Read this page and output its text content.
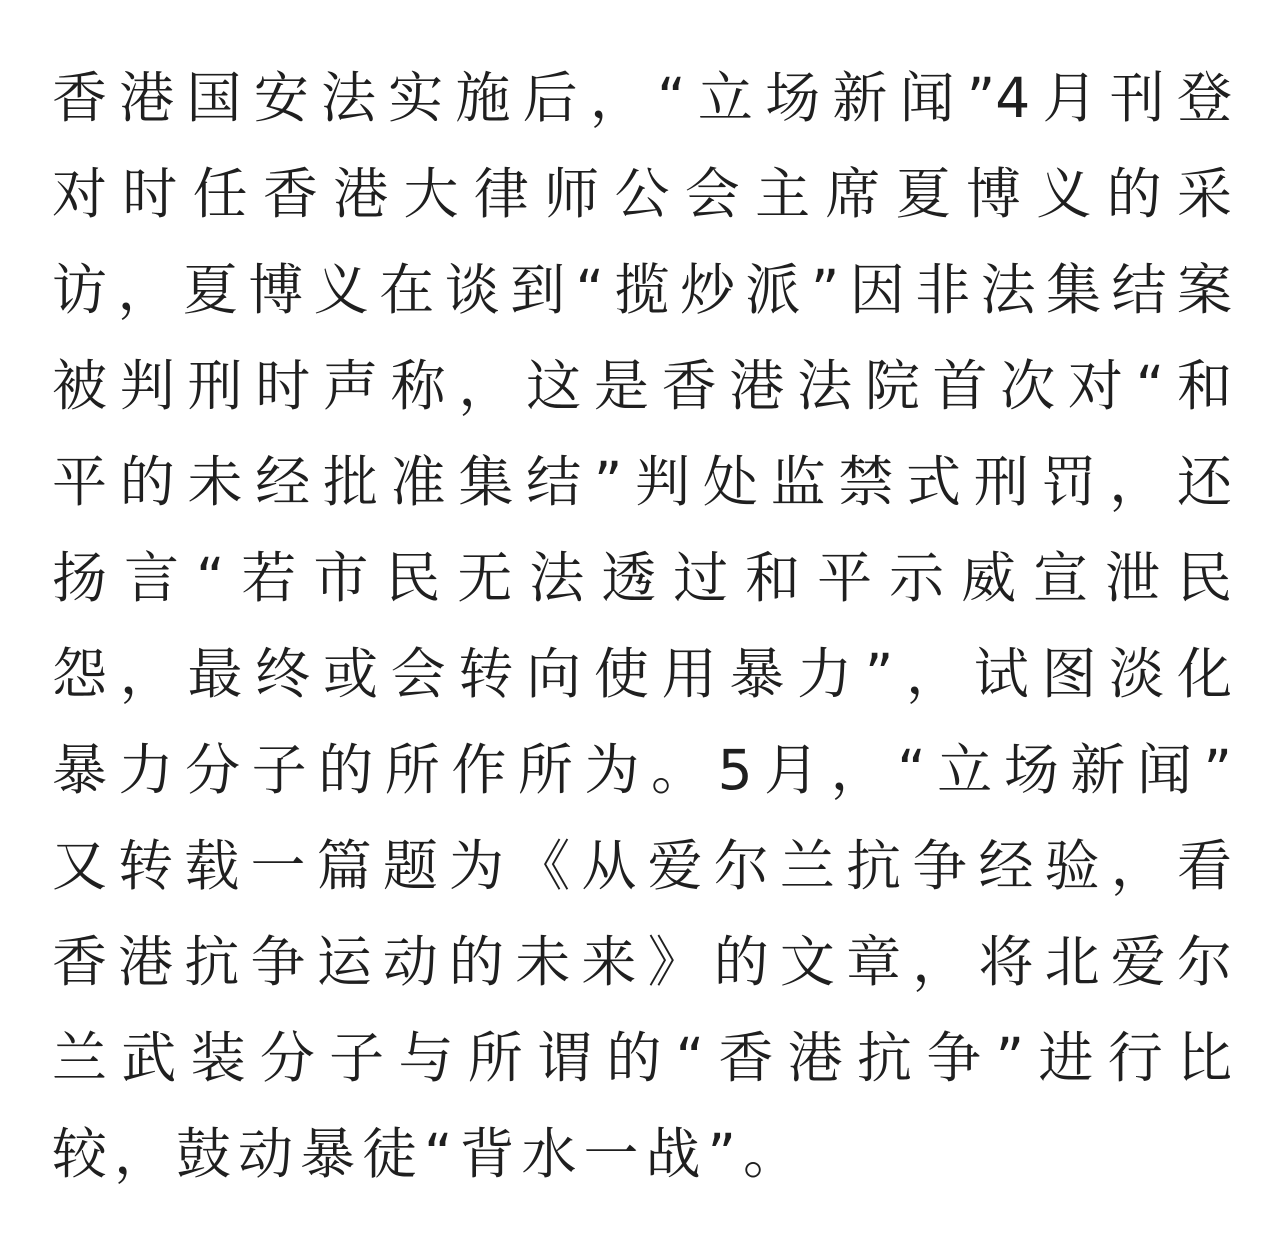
香港国安法实施后，“立场新闻”4月刊登
对时任香港大律师公会主席夏博义的采
访，夏博义在谈到“揽炒派”因非法集结案
被判刑时声称，这是香港法院首次对“和
平的未经批准集结”判处监禁式刑罚，还
扬言“若市民无法透过和平示威宣泄民
怨，最终或会转向使用暴力”，试图淡化
暴力分子的所作所为。5月，“立场新闻”
又转载一篇题为《从爱尔兰抗争经验，看
香港抗争运动的未来》的文章，将北爱尔
兰武装分子与所谓的“香港抗争”进行比
较，鼓动暴徒“背水一战”。
